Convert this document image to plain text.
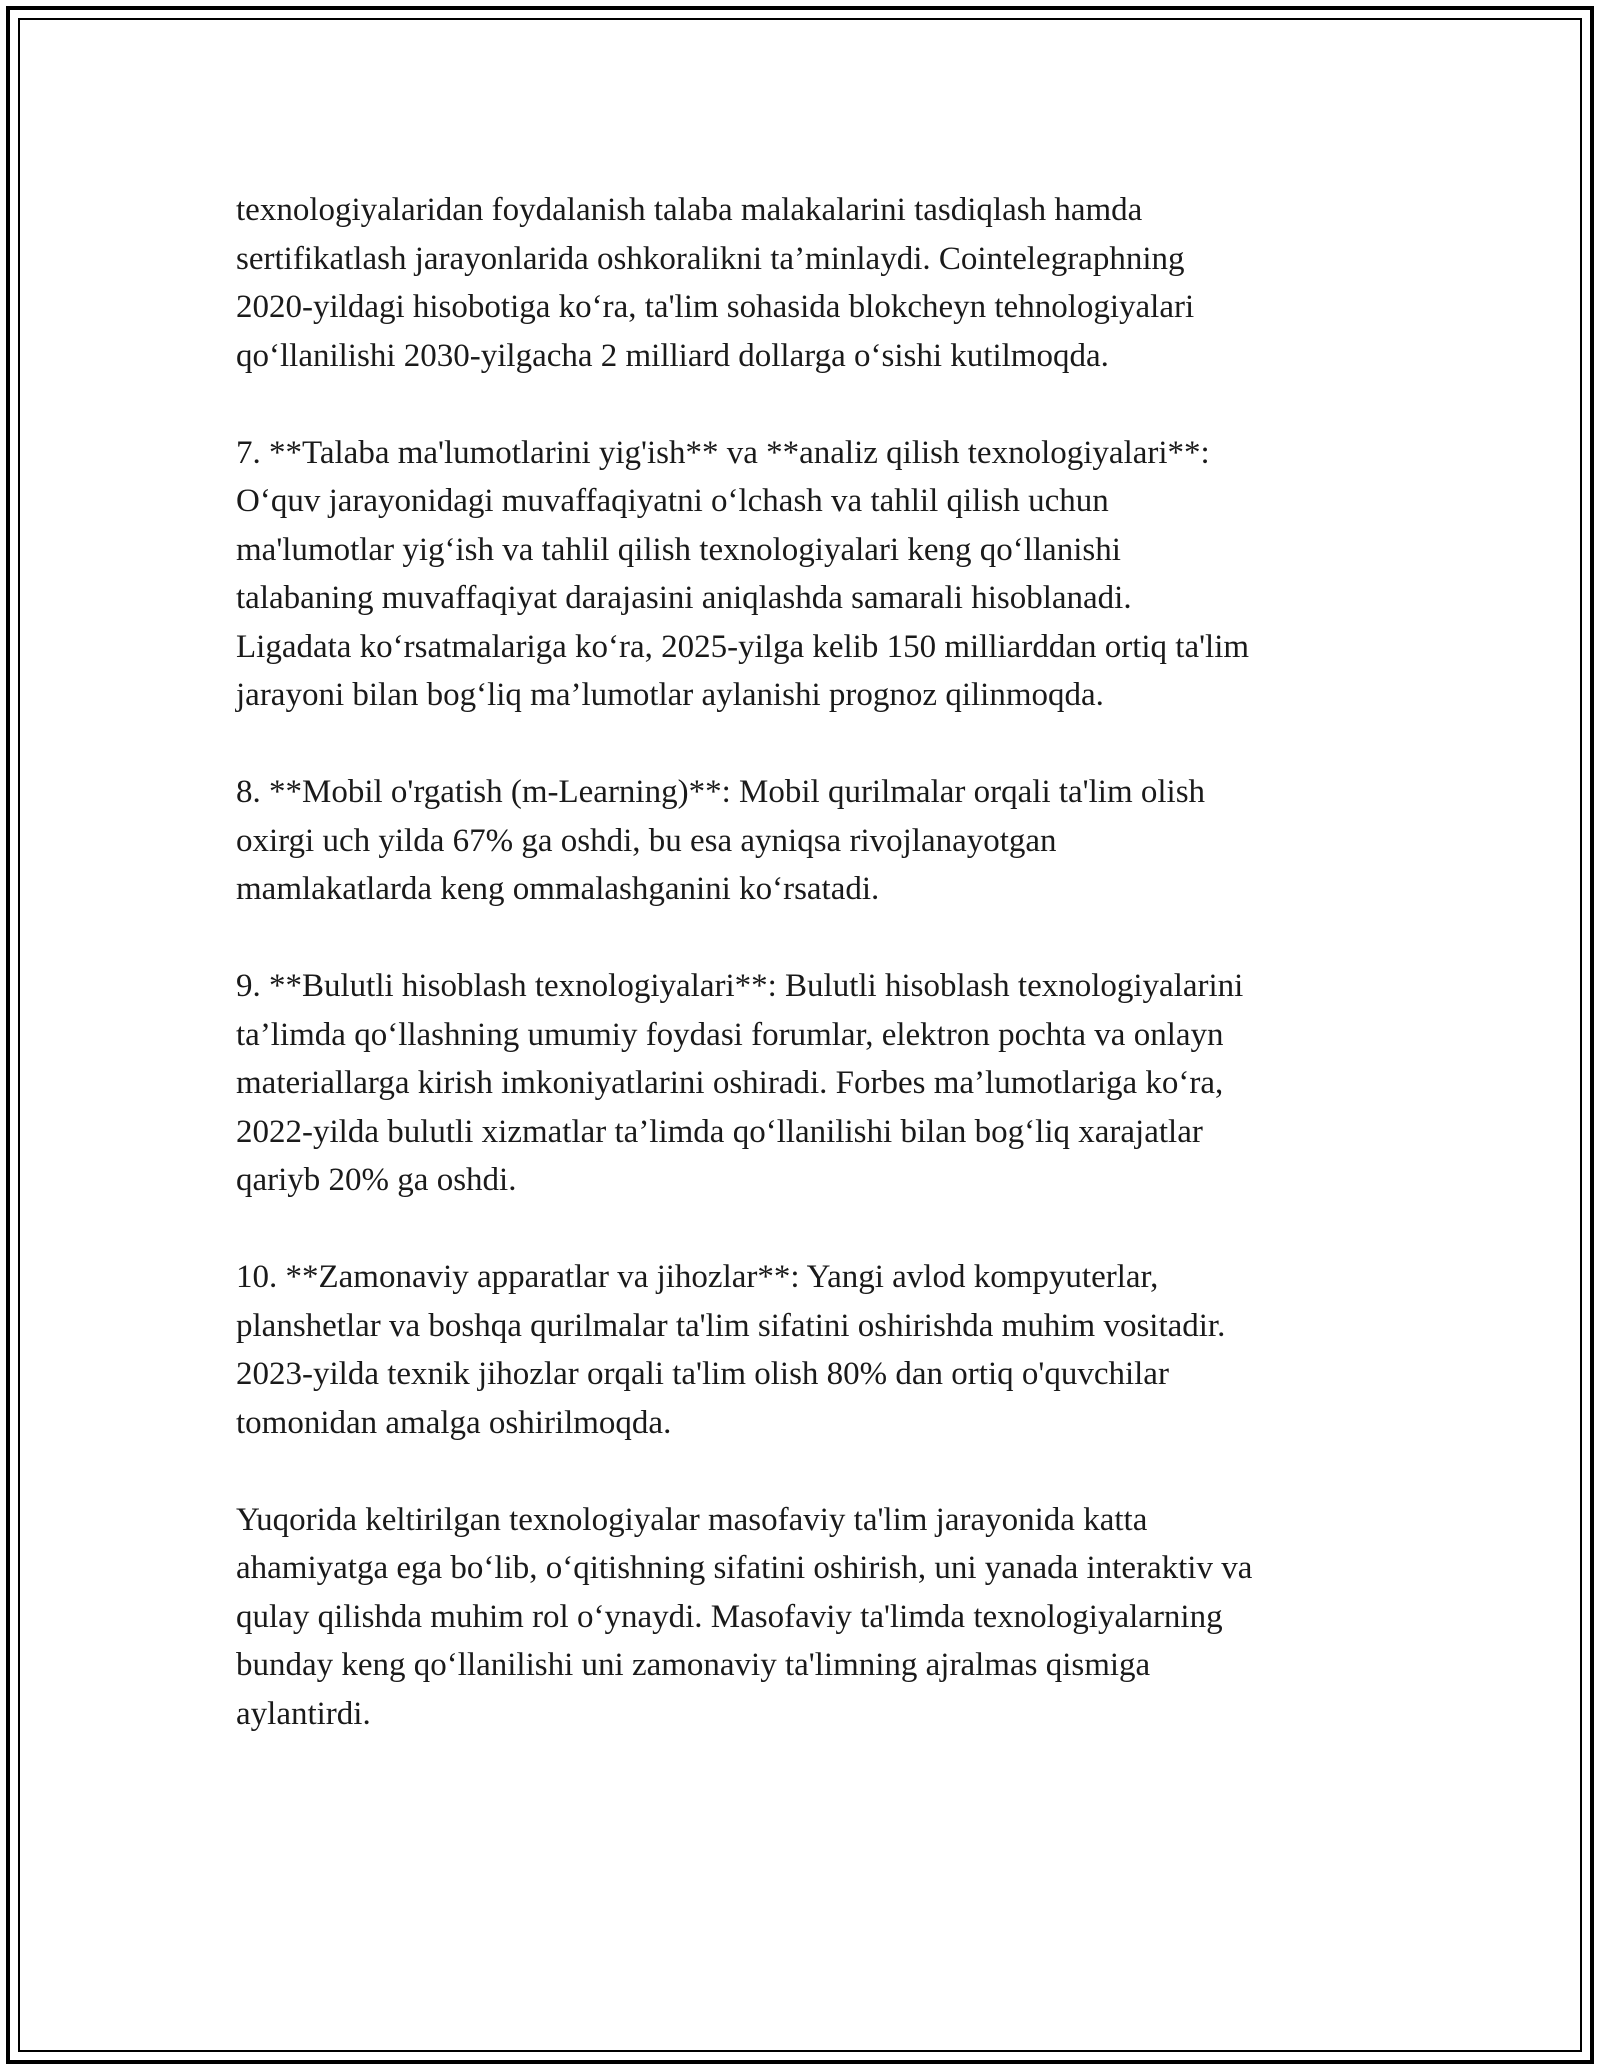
texnologiyalaridan foydalanish talaba malakalarini tasdiqlash hamda
sertifikatlash jarayonlarida oshkoralikni ta’minlaydi. Cointelegraphning
2020-yildagi hisobotiga ko‘ra, ta'lim sohasida blokcheyn tehnologiyalari
qo‘llanilishi 2030-yilgacha 2 milliard dollarga o‘sishi kutilmoqda.
7. **Talaba ma'lumotlarini yig'ish** va **analiz qilish texnologiyalari**:
O‘quv jarayonidagi muvaffaqiyatni o‘lchash va tahlil qilish uchun
ma'lumotlar yig‘ish va tahlil qilish texnologiyalari keng qo‘llanishi
talabaning muvaffaqiyat darajasini aniqlashda samarali hisoblanadi.
Ligadata ko‘rsatmalariga ko‘ra, 2025-yilga kelib 150 milliarddan ortiq ta'lim
jarayoni bilan bog‘liq ma’lumotlar aylanishi prognoz qilinmoqda.
8. **Mobil o'rgatish (m-Learning)**: Mobil qurilmalar orqali ta'lim olish
oxirgi uch yilda 67% ga oshdi, bu esa ayniqsa rivojlanayotgan
mamlakatlarda keng ommalashganini ko‘rsatadi.
9. **Bulutli hisoblash texnologiyalari**: Bulutli hisoblash texnologiyalarini
ta’limda qo‘llashning umumiy foydasi forumlar, elektron pochta va onlayn
materiallarga kirish imkoniyatlarini oshiradi. Forbes ma’lumotlariga ko‘ra,
2022-yilda bulutli xizmatlar ta’limda qo‘llanilishi bilan bog‘liq xarajatlar
qariyb 20% ga oshdi.
10. **Zamonaviy apparatlar va jihozlar**: Yangi avlod kompyuterlar,
planshetlar va boshqa qurilmalar ta'lim sifatini oshirishda muhim vositadir.
2023-yilda texnik jihozlar orqali ta'lim olish 80% dan ortiq o'quvchilar
tomonidan amalga oshirilmoqda.
Yuqorida keltirilgan texnologiyalar masofaviy ta'lim jarayonida katta
ahamiyatga ega bo‘lib, o‘qitishning sifatini oshirish, uni yanada interaktiv va
qulay qilishda muhim rol o‘ynaydi. Masofaviy ta'limda texnologiyalarning
bunday keng qo‘llanilishi uni zamonaviy ta'limning ajralmas qismiga
aylantirdi.
